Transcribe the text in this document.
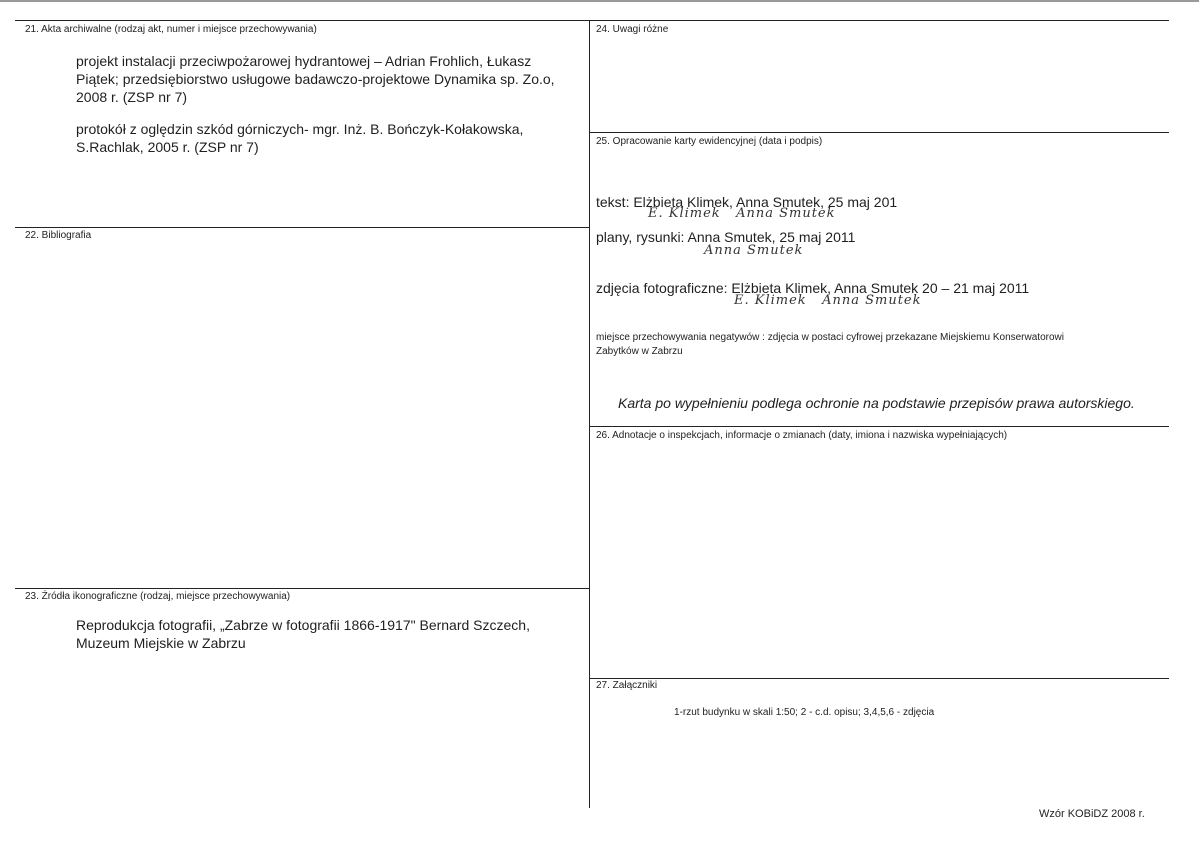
21. Akta archiwalne (rodzaj akt, numer i miejsce przechowywania)
projekt instalacji przeciwpożarowej hydrantowej – Adrian Frohlich, Łukasz
Piątek; przedsiębiorstwo usługowe badawczo-projektowe Dynamika sp. Zo.o,
2008 r. (ZSP nr 7)
protokół z oględzin szkód górniczych- mgr. Inż. B. Bończyk-Kołakowska,
S.Rachlak, 2005 r. (ZSP nr 7)
22. Bibliografia
23. Źródła ikonograficzne (rodzaj, miejsce przechowywania)
Reprodukcja fotografii, „Zabrze w fotografii 1866-1917" Bernard Szczech,
Muzeum Miejskie w Zabrzu
24. Uwagi różne
25. Opracowanie karty ewidencyjnej (data i podpis)
tekst: Elżbieta Klimek, Anna Smutek, 25 maj 201
E. Klimek   Anna Smutek
plany, rysunki: Anna Smutek, 25 maj 2011
Anna Smutek
zdjęcia fotograficzne: Elżbieta Klimek, Anna Smutek 20 – 21 maj 2011
E. Klimek   Anna Smutek
miejsce przechowywania negatywów : zdjęcia w postaci cyfrowej przekazane Miejskiemu Konserwatorowi
Zabytków w Zabrzu
Karta po wypełnieniu podlega ochronie na podstawie przepisów prawa autorskiego.
26. Adnotacje o inspekcjach, informacje o zmianach (daty, imiona i nazwiska wypełniających)
27. Załączniki
1-rzut budynku w skali 1:50; 2 - c.d. opisu; 3,4,5,6 - zdjęcia
Wzór KOBiDZ 2008 r.
